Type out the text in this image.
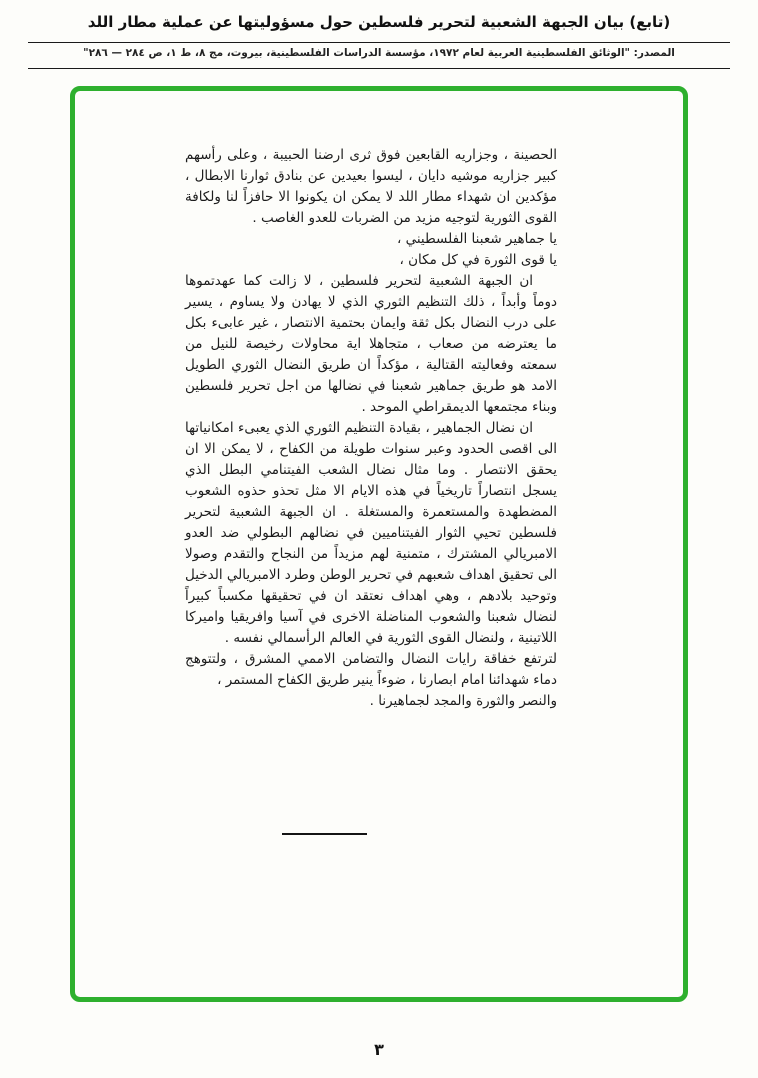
(تابع) بيان الجبهة الشعبية لتحرير فلسطين حول مسؤوليتها عن عملية مطار اللد
المصدر: "الوثائق الفلسطينية العربية لعام ١٩٧٢، مؤسسة الدراسات الفلسطينية، بيروت، مج ٨، ط ١، ص ٢٨٤ — ٢٨٦"

الحصينة ، وجزاريه القابعين فوق ثرى ارضنا الحبيبة ، وعلى رأسهم كبير جزاريه موشيه دايان ، ليسوا بعيدين عن بنادق ثوارنا الابطال ، مؤكدين ان شهداء مطار اللد لا يمكن ان يكونوا الا حافزاً لنا ولكافة القوى الثورية لتوجيه مزيد من الضربات للعدو الغاصب .

يا جماهير شعبنا الفلسطيني ،

يا قوى الثورة في كل مكان ،

ان الجبهة الشعبية لتحرير فلسطين ، لا زالت كما عهدتموها دوماً وأبداً ، ذلك التنظيم الثوري الذي لا يهادن ولا يساوم ، يسير على درب النضال بكل ثقة وايمان بحتمية الانتصار ، غير عابىء بكل ما يعترضه من صعاب ، متجاهلا اية محاولات رخيصة للنيل من سمعته وفعاليته القتالية ، مؤكداً ان طريق النضال الثوري الطويل الامد هو طريق جماهير شعبنا في نضالها من اجل تحرير فلسطين وبناء مجتمعها الديمقراطي الموحد .

ان نضال الجماهير ، بقيادة التنظيم الثوري الذي يعبىء امكانياتها الى اقصى الحدود وعبر سنوات طويلة من الكفاح ، لا يمكن الا ان يحقق الانتصار . وما مثال نضال الشعب الفيتنامي البطل الذي يسجل انتصاراً تاريخياً في هذه الايام الا مثل تحذو حذوه الشعوب المضطهدة والمستعمرة والمستغلة . ان الجبهة الشعبية لتحرير فلسطين تحيي الثوار الفيتناميين في نضالهم البطولي ضد العدو الامبريالي المشترك ، متمنية لهم مزيداً من النجاح والتقدم وصولا الى تحقيق اهداف شعبهم في تحرير الوطن وطرد الامبريالي الدخيل وتوحيد بلادهم ، وهي اهداف نعتقد ان في تحقيقها مكسباً كبيراً لنضال شعبنا والشعوب المناضلة الاخرى في آسيا وافريقيا واميركا اللاتينية ، ولنضال القوى الثورية في العالم الرأسمالي نفسه .

لترتفع خفاقة رايات النضال والتضامن الاممي المشرق ، ولتتوهج دماء شهدائنا امام ابصارنا ، ضوءاً ينير طريق الكفاح المستمر ،

والنصر والثورة والمجد لجماهيرنا .

٣
